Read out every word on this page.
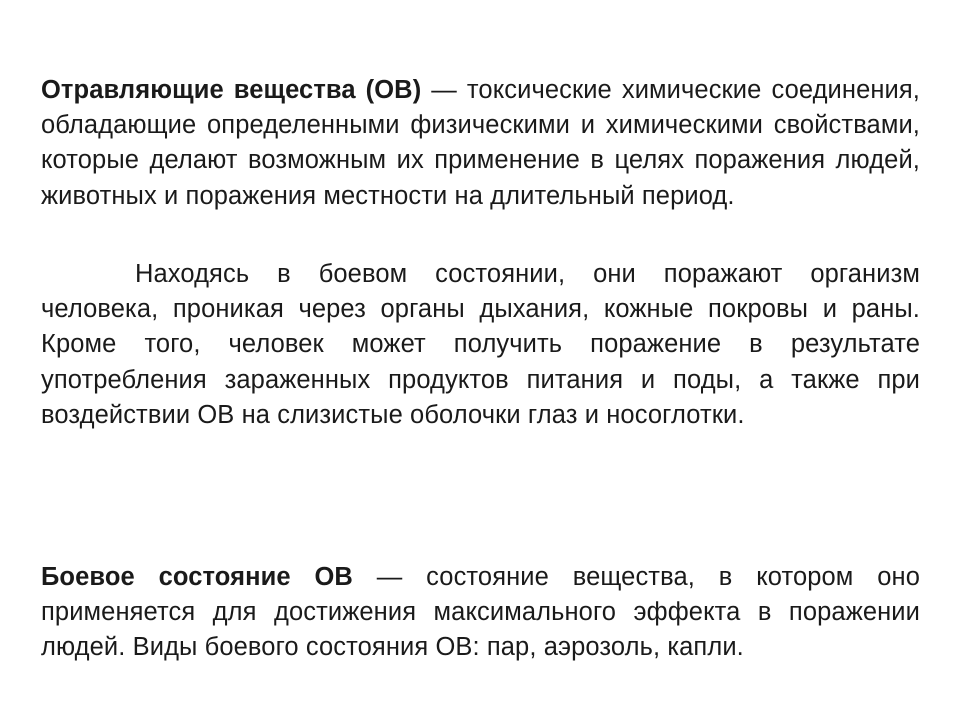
Отравляющие вещества (ОВ) — токсические химические соединения, обладающие определенными физическими и химическими свойствами, которые делают возможным их применение в целях поражения людей, животных и поражения местности на длительный период.

Находясь в боевом состоянии, они поражают организм человека, проникая через органы дыхания, кожные покровы и раны. Кроме того, человек может получить поражение в результате употребления зараженных продуктов питания и поды, а также при воздействии ОВ на слизистые оболочки глаз и носоглотки.

Боевое состояние ОВ — состояние вещества, в котором оно применяется для достижения максимального эффекта в поражении людей. Виды боевого состояния ОВ: пар, аэрозоль, капли.
